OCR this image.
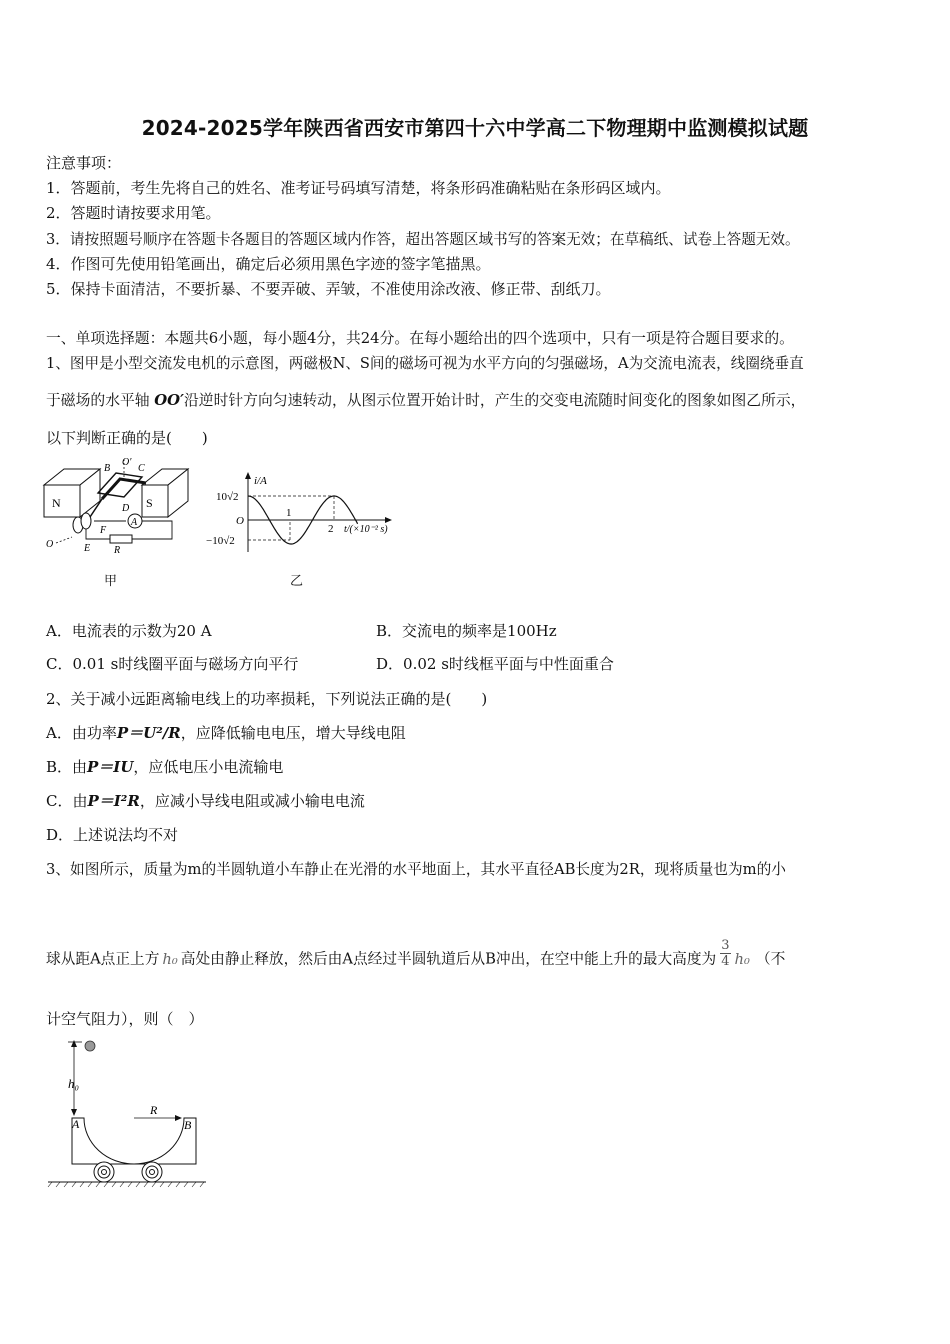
2024-2025学年陕西省西安市第四十六中学高二下物理期中监测模拟试题
注意事项：
1．答题前，考生先将自己的姓名、准考证号码填写清楚，将条形码准确粘贴在条形码区域内。
2．答题时请按要求用笔。
3．请按照题号顺序在答题卡各题目的答题区域内作答，超出答题区域书写的答案无效；在草稿纸、试卷上答题无效。
4．作图可先使用铅笔画出，确定后必须用黑色字迹的签字笔描黑。
5．保持卡面清洁，不要折暴、不要弄破、弄皱，不准使用涂改液、修正带、刮纸刀。
一、单项选择题：本题共6小题，每小题4分，共24分。在每小题给出的四个选项中，只有一项是符合题目要求的。
1、图甲是小型交流发电机的示意图，两磁极N、S间的磁场可视为水平方向的匀强磁场，A为交流电流表，线圈绕垂直
于磁场的水平轴 OO′沿逆时针方向匀速转动，从图示位置开始计时，产生的交变电流随时间变化的图象如图乙所示，
以下判断正确的是(　　)
N	S
B
O′
C
D
A
R
F
E
O
甲
i/A
10√2
O
−10√2
1
2 t/(×10⁻² s)
乙
A．电流表的示数为20 A	B．交流电的频率是100Hz
C．0.01 s时线圈平面与磁场方向平行	D．0.02 s时线框平面与中性面重合
2、关于减小远距离输电线上的功率损耗，下列说法正确的是(　　)
A．由功率P＝U²/R，应降低输电电压，增大导线电阻
B．由P＝IU，应低电压小电流输电
C．由P＝I²R，应减小导线电阻或减小输电电流
D．上述说法均不对
3、如图所示，质量为m的半圆轨道小车静止在光滑的水平地面上，其水平直径AB长度为2R，现将质量也为m的小
球从距A点正上方 h₀ 高处由静止释放，然后由A点经过半圆轨道后从B冲出，在空中能上升的最大高度为 $\frac{3}{4} h_0$ （不
计空气阻力），则（　）
h₀
A	B
R
